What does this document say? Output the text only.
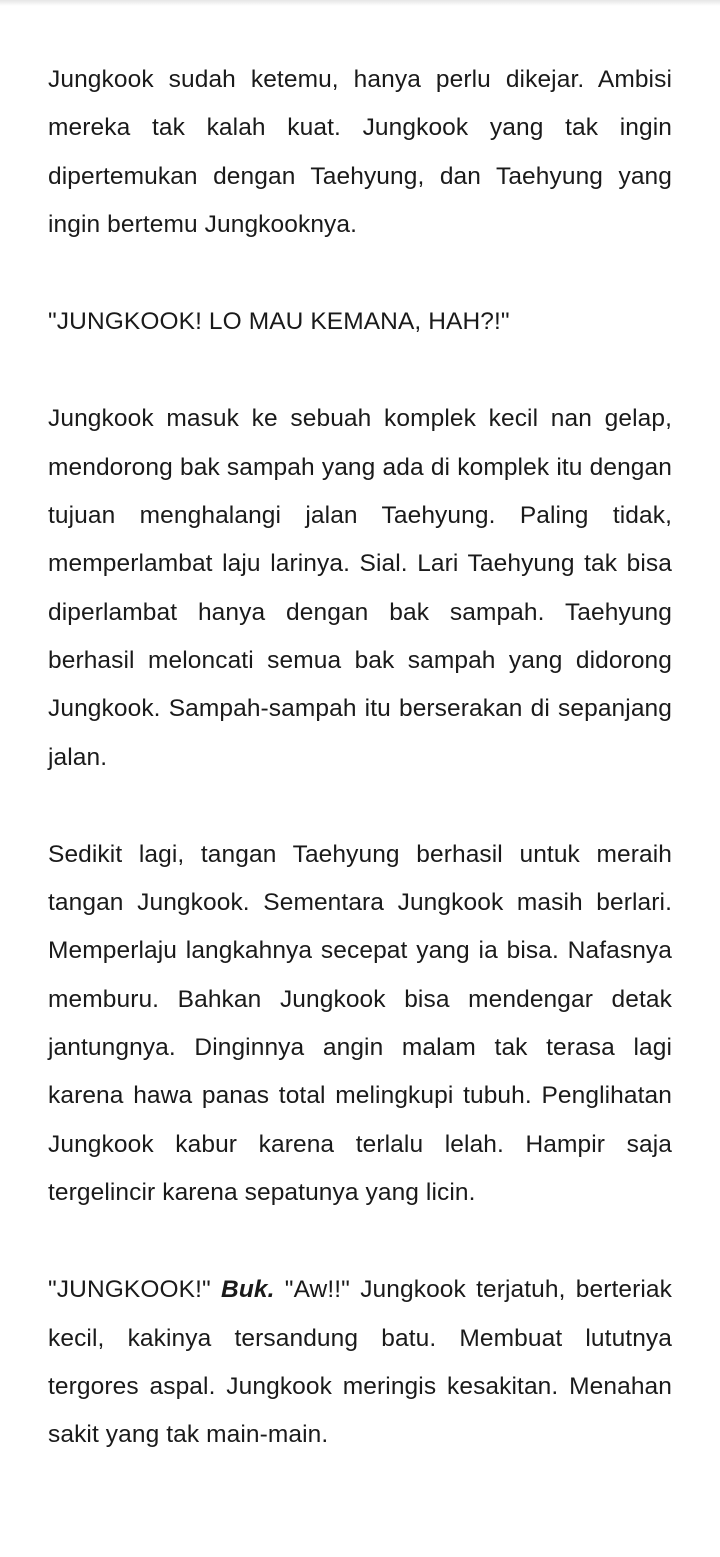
Jungkook sudah ketemu, hanya perlu dikejar. Ambisi mereka tak kalah kuat. Jungkook yang tak ingin dipertemukan dengan Taehyung, dan Taehyung yang ingin bertemu Jungkooknya.

"JUNGKOOK! LO MAU KEMANA, HAH?!"

Jungkook masuk ke sebuah komplek kecil nan gelap, mendorong bak sampah yang ada di komplek itu dengan tujuan menghalangi jalan Taehyung. Paling tidak, memperlambat laju larinya. Sial. Lari Taehyung tak bisa diperlambat hanya dengan bak sampah. Taehyung berhasil meloncati semua bak sampah yang didorong Jungkook. Sampah-sampah itu berserakan di sepanjang jalan.

Sedikit lagi, tangan Taehyung berhasil untuk meraih tangan Jungkook. Sementara Jungkook masih berlari. Memperlaju langkahnya secepat yang ia bisa. Nafasnya memburu. Bahkan Jungkook bisa mendengar detak jantungnya. Dinginnya angin malam tak terasa lagi karena hawa panas total melingkupi tubuh. Penglihatan Jungkook kabur karena terlalu lelah. Hampir saja tergelincir karena sepatunya yang licin.

"JUNGKOOK!" Buk. "Aw!!" Jungkook terjatuh, berteriak kecil, kakinya tersandung batu. Membuat lututnya tergores aspal. Jungkook meringis kesakitan. Menahan sakit yang tak main-main.
